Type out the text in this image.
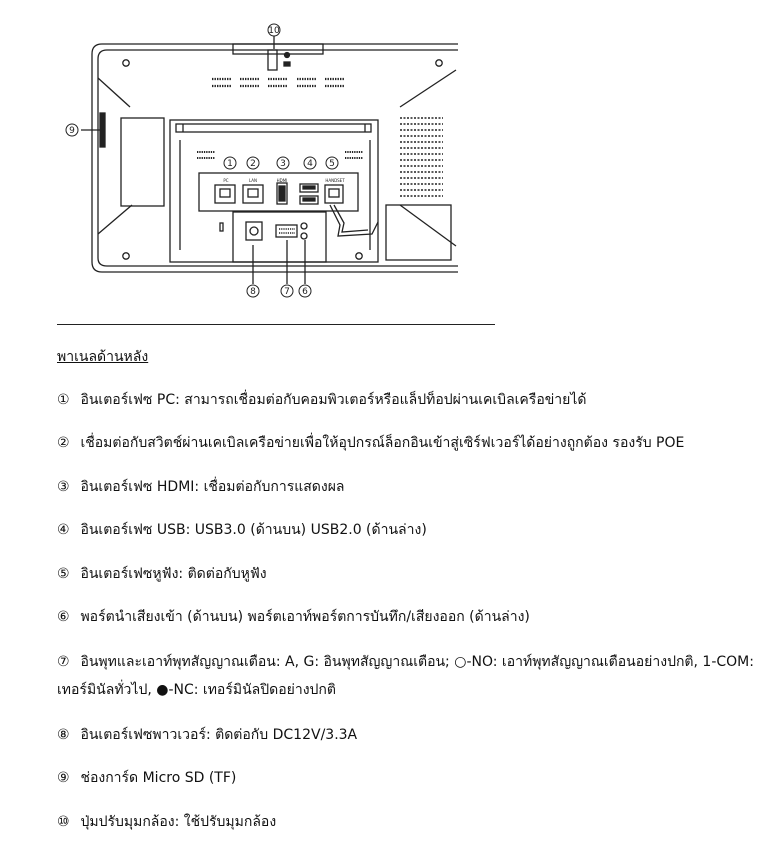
9
10
1 2	3 4 5
8	7 6
PC	LAN	HDMI	HANDSET
พาเนลด้านหลัง
① อินเตอร์เฟซ PC: สามารถเชื่อมต่อกับคอมพิวเตอร์หรือแล็ปท็อปผ่านเคเบิลเครือข่ายได้
② เชื่อมต่อกับสวิตช์ผ่านเคเบิลเครือข่ายเพื่อให้อุปกรณ์ล็อกอินเข้าสู่เซิร์ฟเวอร์ได้อย่างถูกต้อง รองรับ POE
③ อินเตอร์เฟซ HDMI: เชื่อมต่อกับการแสดงผล
④ อินเตอร์เฟซ USB: USB3.0 (ด้านบน) USB2.0 (ด้านล่าง)
⑤ อินเตอร์เฟซหูฟัง: ติดต่อกับหูฟัง
⑥ พอร์ตนำเสียงเข้า (ด้านบน) พอร์ตเอาท์พอร์ตการบันทึก/เสียงออก (ด้านล่าง)
⑦ อินพุทและเอาท์พุทสัญญาณเตือน: A, G: อินพุทสัญญาณเตือน; ○-NO: เอาท์พุทสัญญาณเตือนอย่างปกติ, 1-COM:
เทอร์มินัลทั่วไป, ●-NC: เทอร์มินัลปิดอย่างปกติ
⑧ อินเตอร์เฟซพาวเวอร์: ติดต่อกับ DC12V/3.3A
⑨ ช่องการ์ด Micro SD (TF)
⑩ ปุ่มปรับมุมกล้อง: ใช้ปรับมุมกล้อง
